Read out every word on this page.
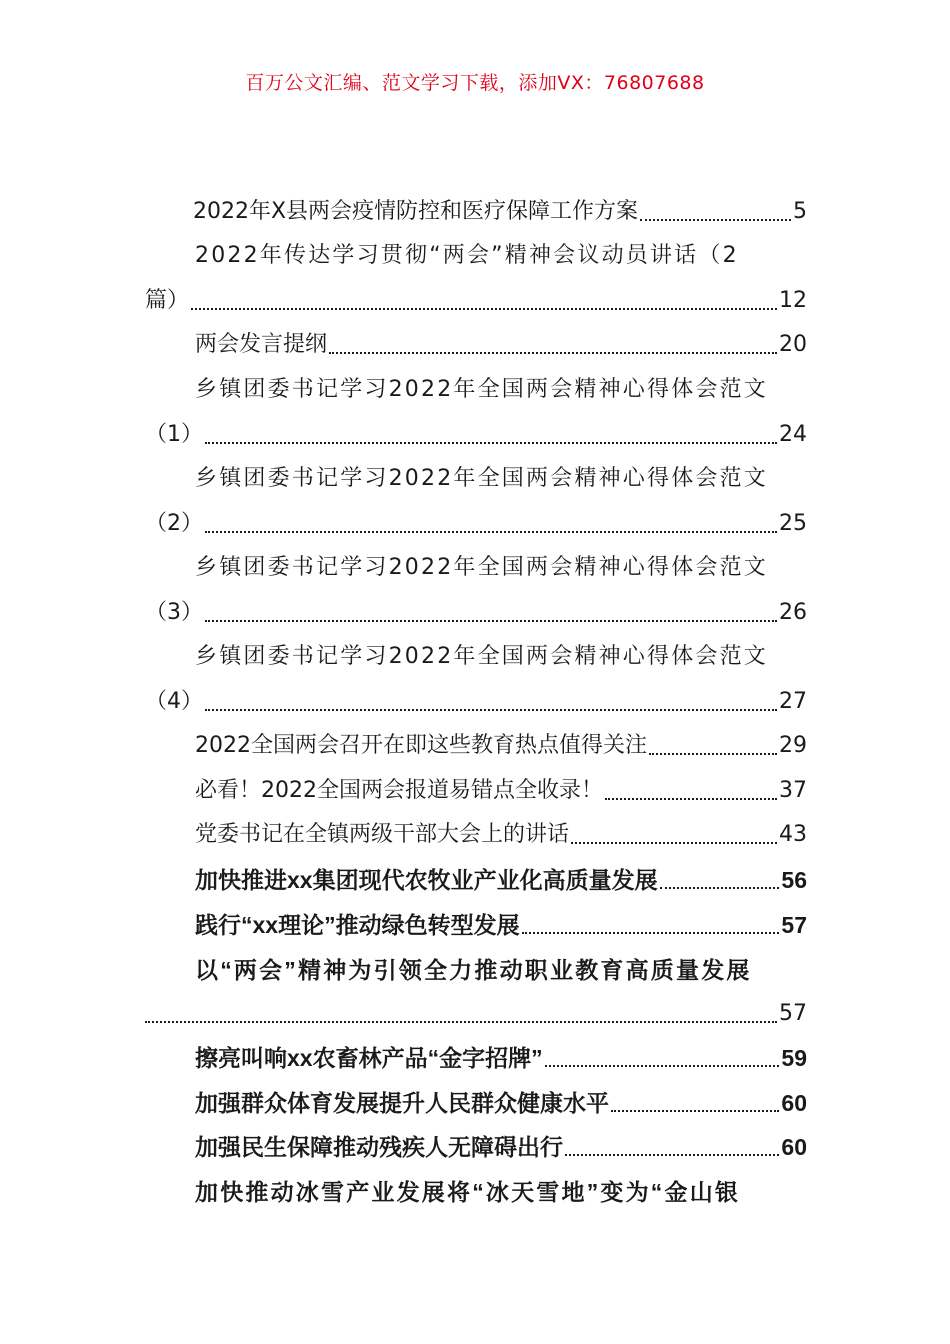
百万公文汇编、范文学习下载，添加VX：76807688
2022年X县两会疫情防控和医疗保障工作方案	5
2022年传达学习贯彻“两会”精神会议动员讲话（2
篇）	12
两会发言提纲	20
乡镇团委书记学习2022年全国两会精神心得体会范文
（1）	24
乡镇团委书记学习2022年全国两会精神心得体会范文
（2）	25
乡镇团委书记学习2022年全国两会精神心得体会范文
（3）	26
乡镇团委书记学习2022年全国两会精神心得体会范文
（4）	27
2022全国两会召开在即这些教育热点值得关注	29
必看！2022全国两会报道易错点全收录！	37
党委书记在全镇两级干部大会上的讲话	43
加快推进xx集团现代农牧业产业化高质量发展	56
践行“xx理论”推动绿色转型发展	57
以“两会”精神为引领全力推动职业教育高质量发展
57
擦亮叫响xx农畜林产品“金字招牌”	59
加强群众体育发展提升人民群众健康水平	60
加强民生保障推动残疾人无障碍出行	60
加快推动冰雪产业发展将“冰天雪地”变为“金山银
